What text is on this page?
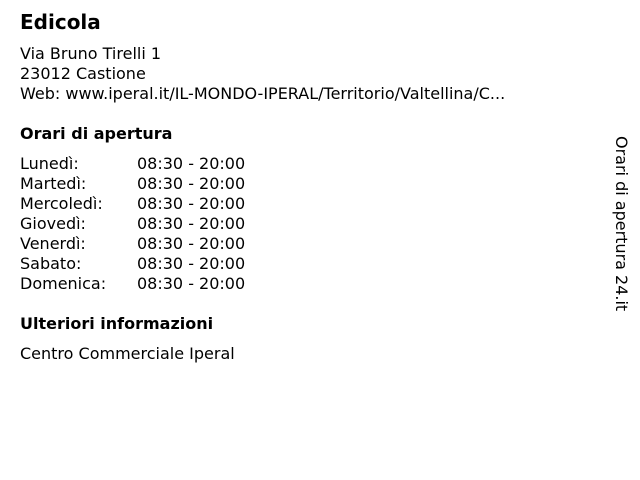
Edicola
Via Bruno Tirelli 1
23012 Castione
Web: www.iperal.it/IL-MONDO-IPERAL/Territorio/Valtellina/C...
Orari di apertura
Lunedì:	08:30 - 20:00
Martedì:	08:30 - 20:00
Mercoledì:	08:30 - 20:00
Giovedì:	08:30 - 20:00
Venerdì:	08:30 - 20:00
Sabato:	08:30 - 20:00
Domenica:	08:30 - 20:00
Ulteriori informazioni
Centro Commerciale Iperal
Orari di apertura 24.it
